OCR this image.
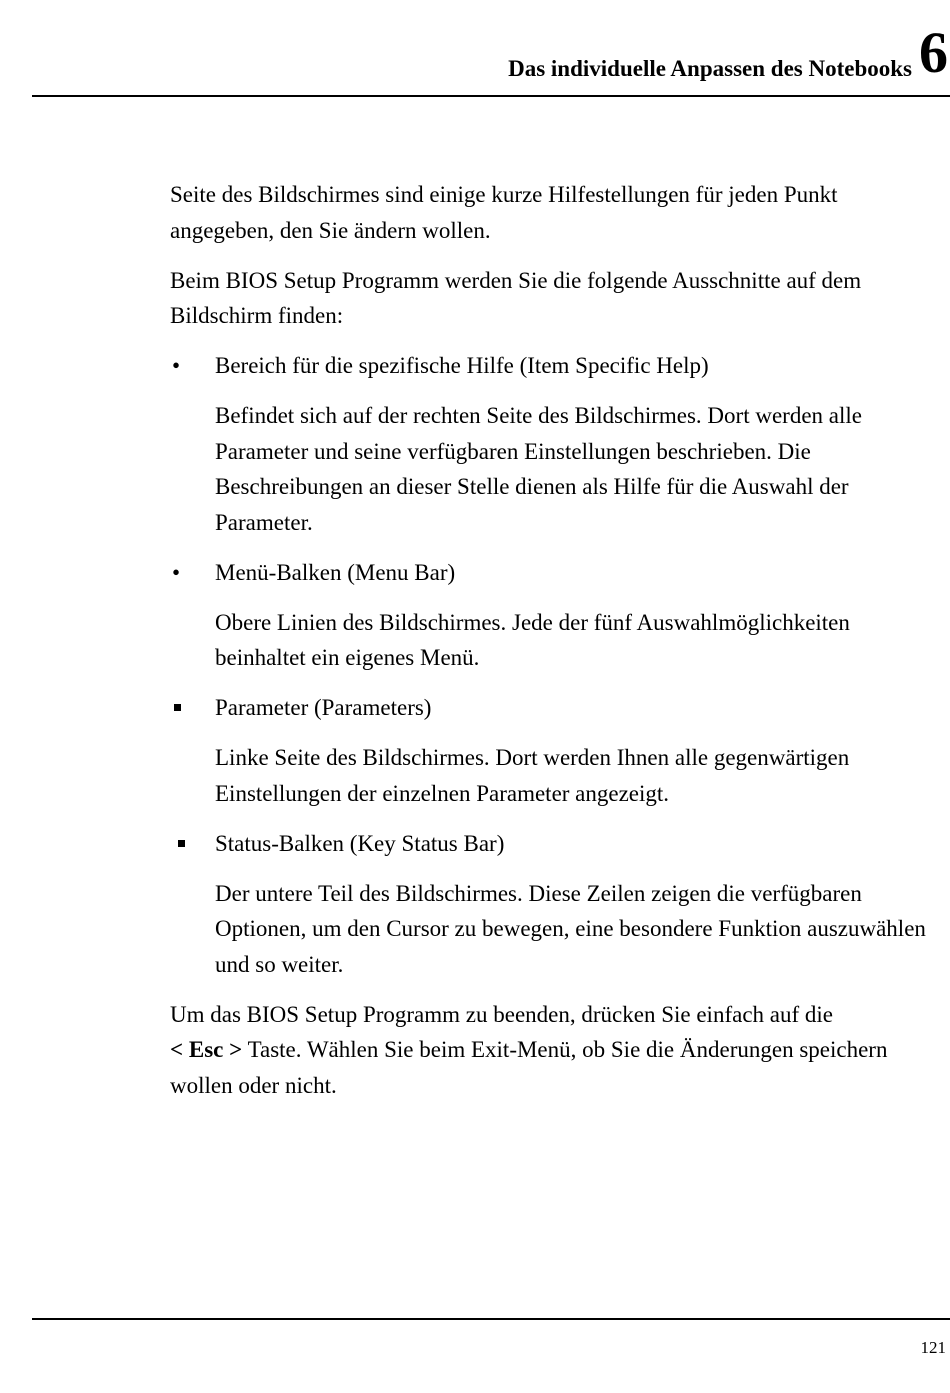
Das individuelle Anpassen des Notebooks 6

Seite des Bildschirmes sind einige kurze Hilfestellungen für jeden Punkt angegeben, den Sie ändern wollen.

Beim BIOS Setup Programm werden Sie die folgende Ausschnitte auf dem Bildschirm finden:

• Bereich für die spezifische Hilfe (Item Specific Help)

Befindet sich auf der rechten Seite des Bildschirmes. Dort werden alle Parameter und seine verfügbaren Einstellungen beschrieben. Die Beschreibungen an dieser Stelle dienen als Hilfe für die Auswahl der Parameter.

• Menü-Balken (Menu Bar)

Obere Linien des Bildschirmes. Jede der fünf Auswahlmöglichkeiten beinhaltet ein eigenes Menü.

Parameter (Parameters)

Linke Seite des Bildschirmes. Dort werden Ihnen alle gegenwärtigen Einstellungen der einzelnen Parameter angezeigt.

Status-Balken (Key Status Bar)

Der untere Teil des Bildschirmes. Diese Zeilen zeigen die verfügbaren Optionen, um den Cursor zu bewegen, eine besondere Funktion auszuwählen und so weiter.

Um das BIOS Setup Programm zu beenden, drücken Sie einfach auf die
< Esc > Taste. Wählen Sie beim Exit-Menü, ob Sie die Änderungen speichern wollen oder nicht.

121
